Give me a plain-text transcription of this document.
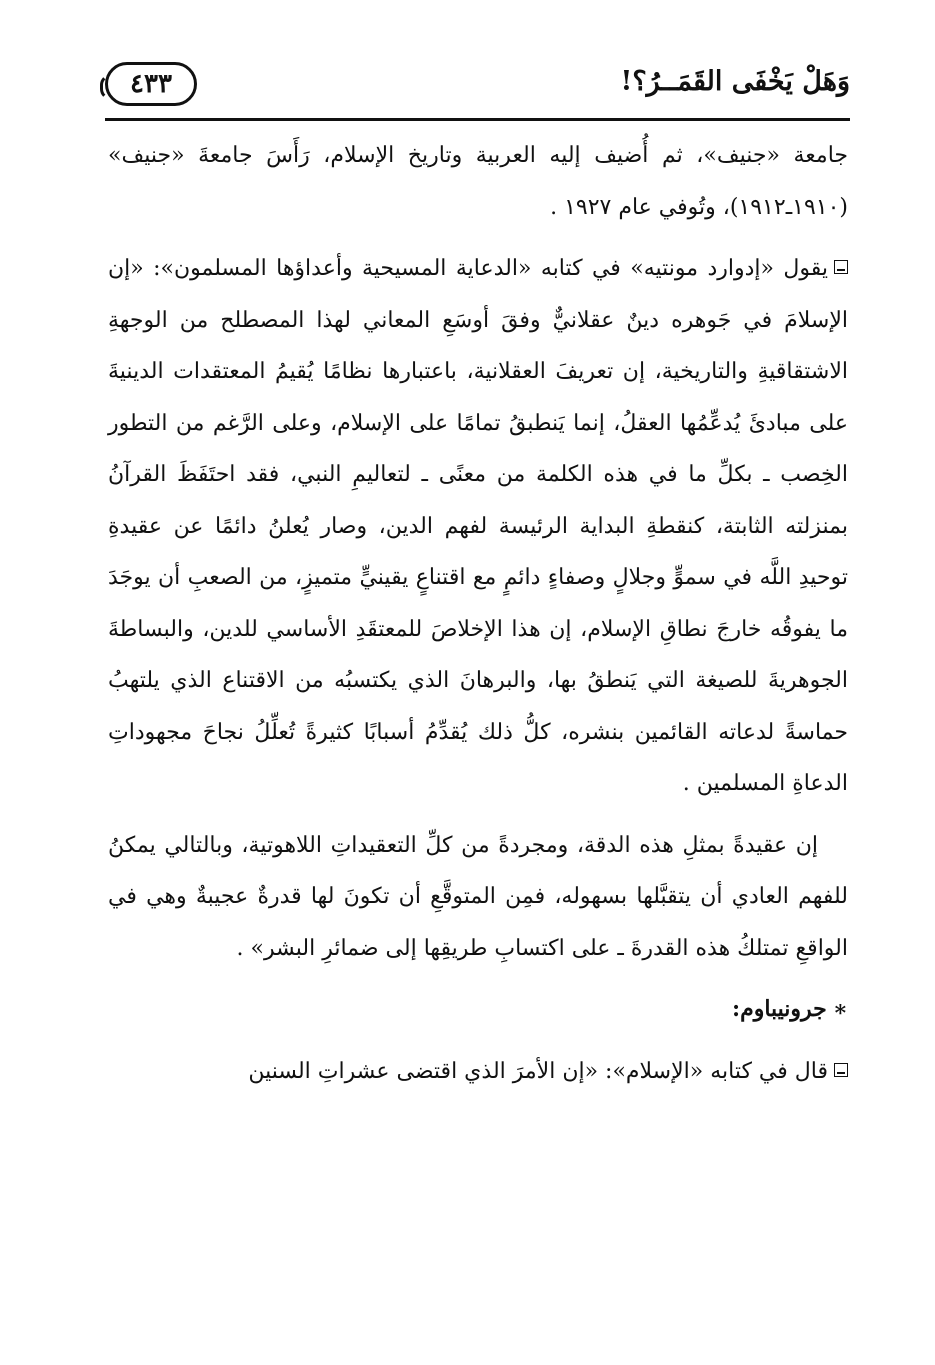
وَهَلْ يَخْفَى القَمَــرُ؟!
٤٣٣

جامعة «جنيف»، ثم أُضيف إليه العربية وتاريخ الإسلام، رَأَسَ جامعةَ «جنيف» (١٩١٠ـ١٩١٢)، وتُوفي عام ١٩٢٧ .

يقول «إدوارد مونتيه» في كتابه «الدعاية المسيحية وأعداؤها المسلمون»: «إن الإسلامَ في جَوهره دينٌ عقلانيٌّ وفقَ أوسَعِ المعاني لهذا المصطلح من الوجهةِ الاشتقاقيةِ والتاريخية، إن تعريفَ العقلانية، باعتبارها نظامًا يُقيمُ المعتقدات الدينيةَ على مبادئَ يُدعِّمُها العقلُ، إنما يَنطبقُ تمامًا على الإسلام، وعلى الرَّغم من التطور الخِصب ـ بكلِّ ما في هذه الكلمة من معنًى ـ لتعاليمِ النبي، فقد احتَفَظَ القرآنُ بمنزلته الثابتة، كنقطةِ البداية الرئيسة لفهم الدين، وصار يُعلنُ دائمًا عن عقيدةِ توحيدِ اللَّه في سموٍّ وجلالٍ وصفاءٍ دائمٍ مع اقتناعٍ يقينيٍّ متميزٍ، من الصعبِ أن يوجَدَ ما يفوقُه خارجَ نطاقِ الإسلام، إن هذا الإخلاصَ للمعتقَدِ الأساسي للدين، والبساطةَ الجوهريةَ للصيغة التي يَنطقُ بها، والبرهانَ الذي يكتسبُه من الاقتناع الذي يلتهبُ حماسةً لدعاته القائمين بنشره، كلُّ ذلك يُقدِّمُ أسبابًا كثيرةً تُعلِّلُ نجاحَ مجهوداتِ الدعاةِ المسلمين .

إن عقيدةً بمثلِ هذه الدقة، ومجردةً من كلِّ التعقيداتِ اللاهوتية، وبالتالي يمكنُ للفهم العادي أن يتقبَّلها بسهوله، فمِن المتوقَّعِ أن تكونَ لها قدرةٌ عجيبةٌ وهي في الواقعِ تمتلكُ هذه القدرةَ ـ على اكتسابِ طريقِها إلى ضمائرِ البشر» .

∗جرونيباوم:

قال في كتابه «الإسلام»: «إن الأمرَ الذي اقتضى عشراتِ السنين
